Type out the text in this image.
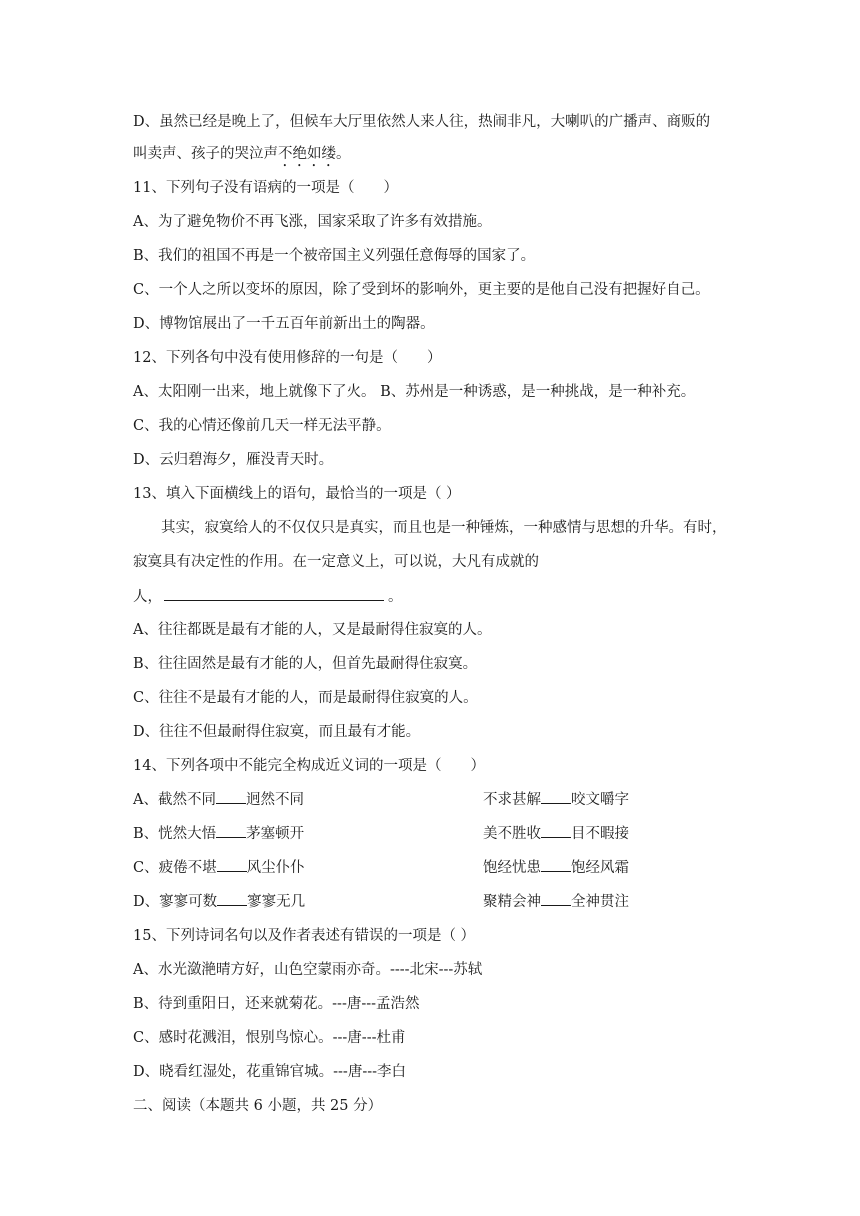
D、虽然已经是晚上了，但候车大厅里依然人来人往，热闹非凡，大喇叭的广播声、商贩的
叫卖声、孩子的哭泣声不绝如缕。
11、下列句子没有语病的一项是（　　）
A、为了避免物价不再飞涨，国家采取了许多有效措施。
B、我们的祖国不再是一个被帝国主义列强任意侮辱的国家了。
C、一个人之所以变坏的原因，除了受到坏的影响外，更主要的是他自己没有把握好自己。
D、博物馆展出了一千五百年前新出土的陶器。
12、下列各句中没有使用修辞的一句是（　　）
A、太阳刚一出来，地上就像下了火。 B、苏州是一种诱惑，是一种挑战，是一种补充。
C、我的心情还像前几天一样无法平静。
D、云归碧海夕，雁没青天时。
13、填入下面横线上的语句，最恰当的一项是（ ）
其实，寂寞给人的不仅仅只是真实，而且也是一种锤炼，一种感情与思想的升华。有时，
寂寞具有决定性的作用。在一定意义上，可以说，大凡有成就的
人，	。
A、往往都既是最有才能的人，又是最耐得住寂寞的人。
B、往往固然是最有才能的人，但首先最耐得住寂寞。
C、往往不是最有才能的人，而是最耐得住寂寞的人。
D、往往不但最耐得住寂寞，而且最有才能。
14、下列各项中不能完全构成近义词的一项是（　　）
A、截然不同 迥然不同	不求甚解 咬文嚼字
B、恍然大悟 茅塞顿开	美不胜收 目不暇接
C、疲倦不堪 风尘仆仆	饱经忧患 饱经风霜
D、寥寥可数 寥寥无几	聚精会神 全神贯注
15、下列诗词名句以及作者表述有错误的一项是（ ）
A、水光潋滟晴方好，山色空蒙雨亦奇。----北宋---苏轼
B、待到重阳日，还来就菊花。---唐---孟浩然
C、感时花溅泪，恨别鸟惊心。---唐---杜甫
D、晓看红湿处，花重锦官城。---唐---李白
二、阅读（本题共 6 小题，共 25 分）
